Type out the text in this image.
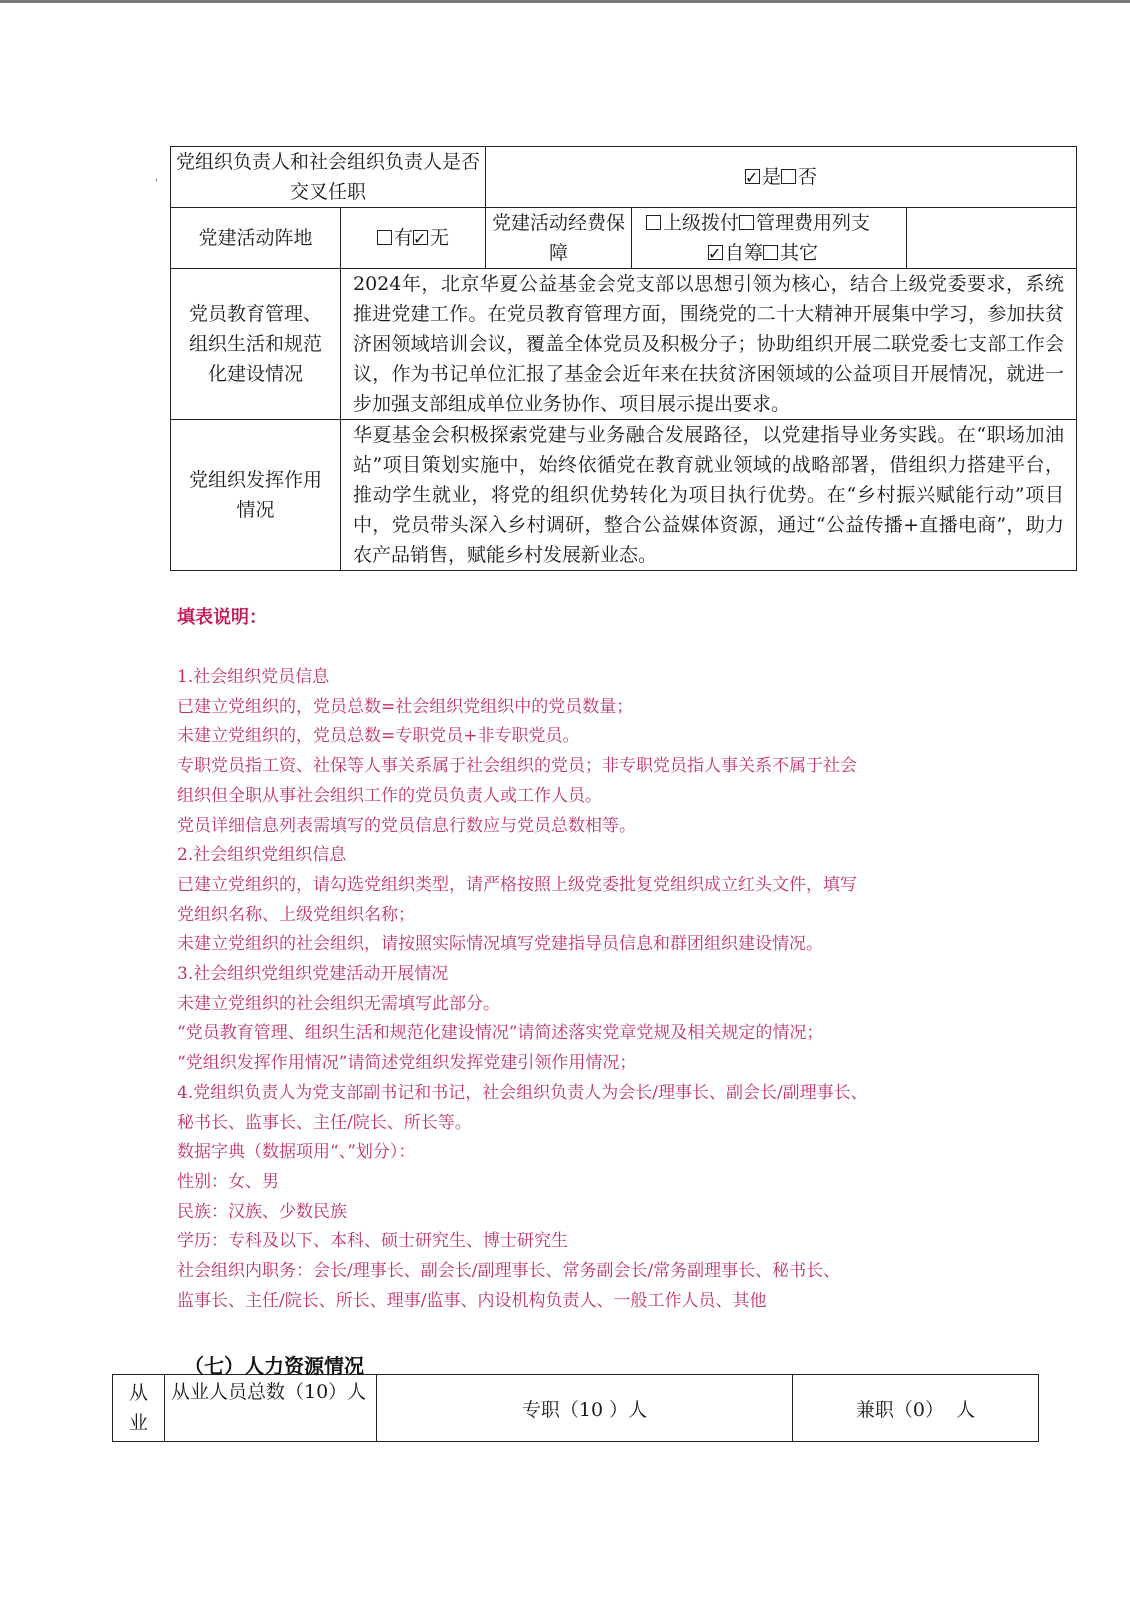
'
党组织负责人和社会组织负责人是否交叉任职	✓是 否
党建活动阵地	有 ✓ 无	党建活动经费保障	上级拨付 管理费用列支
✓自筹 其它

党员教育管理、组织生活和规范化建设情况	2024年，北京华夏公益基金会党支部以思想引领为核心，结合上级党委要求，系统推进党建工作。在党员教育管理方面，围绕党的二十大精神开展集中学习，参加扶贫济困领域培训会议，覆盖全体党员及积极分子；协助组织开展二联党委七支部工作会议，作为书记单位汇报了基金会近年来在扶贫济困领域的公益项目开展情况，就进一步加强支部组成单位业务协作、项目展示提出要求。			
党组织发挥作用情况	华夏基金会积极探索党建与业务融合发展路径，以党建指导业务实践。在“职场加油站”项目策划实施中，始终依循党在教育就业领域的战略部署，借组织力搭建平台，推动学生就业，将党的组织优势转化为项目执行优势。在“乡村振兴赋能行动”项目中，党员带头深入乡村调研，整合公益媒体资源，通过“公益传播+直播电商”，助力农产品销售，赋能乡村发展新业态。			
填表说明：
1.社会组织党员信息
已建立党组织的，党员总数=社会组织党组织中的党员数量；
未建立党组织的，党员总数=专职党员+非专职党员。
专职党员指工资、社保等人事关系属于社会组织的党员；非专职党员指人事关系不属于社会
组织但全职从事社会组织工作的党员负责人或工作人员。
党员详细信息列表需填写的党员信息行数应与党员总数相等。
2.社会组织党组织信息
已建立党组织的，请勾选党组织类型，请严格按照上级党委批复党组织成立红头文件，填写
党组织名称、上级党组织名称；
未建立党组织的社会组织，请按照实际情况填写党建指导员信息和群团组织建设情况。
3.社会组织党组织党建活动开展情况
未建立党组织的社会组织无需填写此部分。
“党员教育管理、组织生活和规范化建设情况”请简述落实党章党规及相关规定的情况；
“党组织发挥作用情况”请简述党组织发挥党建引领作用情况；
4.党组织负责人为党支部副书记和书记，社会组织负责人为会长/理事长、副会长/副理事长、
秘书长、监事长、主任/院长、所长等。
数据字典（数据项用“、”划分）：
性别：女、男
民族：汉族、少数民族
学历：专科及以下、本科、硕士研究生、博士研究生
社会组织内职务：会长/理事长、副会长/副理事长、常务副会长/常务副理事长、秘书长、
监事长、主任/院长、所长、理事/监事、内设机构负责人、一般工作人员、其他
（七）人力资源情况
从
业
	从业人员总数（10）人	专职（10 ）人	兼职（0）  人
